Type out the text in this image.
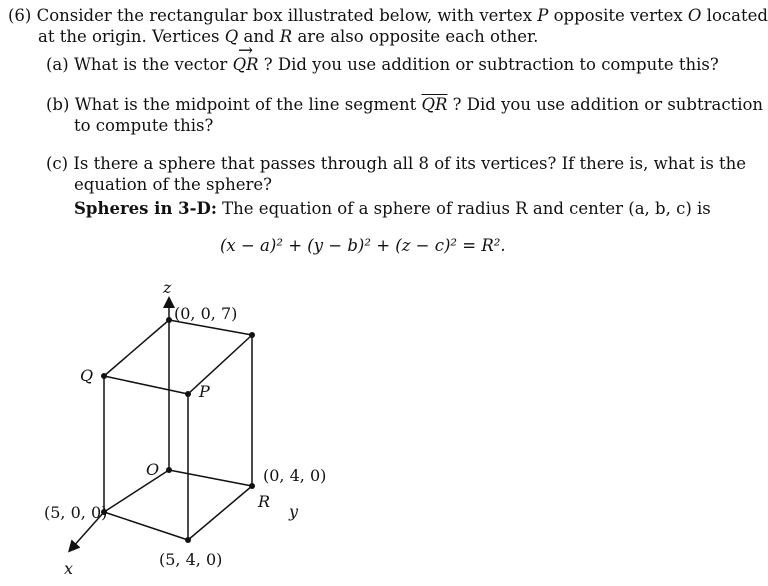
(6) Consider the rectangular box illustrated below, with vertex P opposite vertex O located
at the origin. Vertices Q and R are also opposite each other.
(a) What is the vector → QR ? Did you use addition or subtraction to compute this?
(b) What is the midpoint of the line segment $\overline{QR}$ ? Did you use addition or subtraction
to compute this?
(c) Is there a sphere that passes through all 8 of its vertices? If there is, what is the
equation of the sphere?
Spheres in 3-D: The equation of a sphere of radius R and center (a, b, c) is
(x − a)² + (y − b)² + (z − c)² = R².
z
(0, 0, 7)
Q
P
O	(0, 4, 0)
R
y
(5, 0, 0)
(5, 4, 0)
x
